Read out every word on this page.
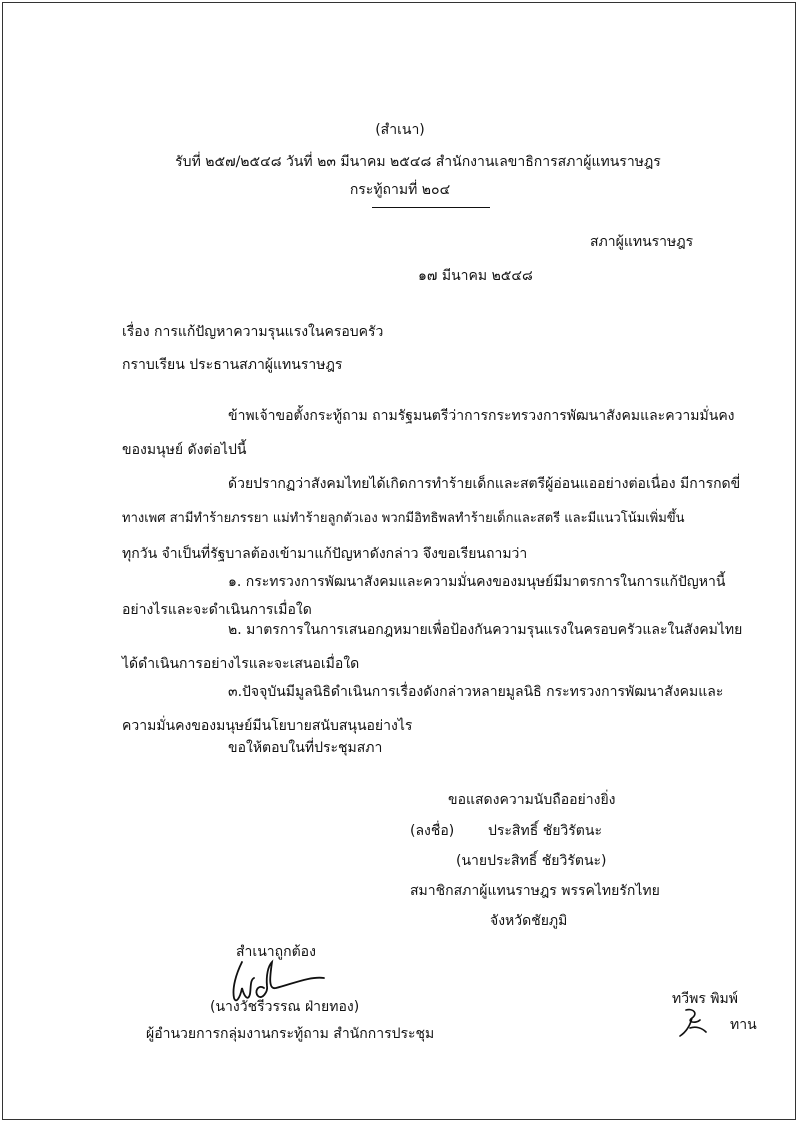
(สำเนา)
รับที่ ๒๕๗/๒๕๔๘ วันที่ ๒๓ มีนาคม ๒๕๔๘ สำนักงานเลขาธิการสภาผู้แทนราษฎร
กระทู้ถามที่ ๒๐๔
สภาผู้แทนราษฎร
๑๗ มีนาคม ๒๕๔๘
เรื่อง การแก้ปัญหาความรุนแรงในครอบครัว
กราบเรียน ประธานสภาผู้แทนราษฎร
ข้าพเจ้าขอตั้งกระทู้ถาม ถามรัฐมนตรีว่าการกระทรวงการพัฒนาสังคมและความมั่นคง
ของมนุษย์ ดังต่อไปนี้
ด้วยปรากฏว่าสังคมไทยได้เกิดการทำร้ายเด็กและสตรีผู้อ่อนแออย่างต่อเนื่อง มีการกดขี่
ทางเพศ สามีทำร้ายภรรยา แม่ทำร้ายลูกตัวเอง พวกมีอิทธิพลทำร้ายเด็กและสตรี และมีแนวโน้มเพิ่มขึ้น
ทุกวัน จำเป็นที่รัฐบาลต้องเข้ามาแก้ปัญหาดังกล่าว จึงขอเรียนถามว่า
๑. กระทรวงการพัฒนาสังคมและความมั่นคงของมนุษย์มีมาตรการในการแก้ปัญหานี้
อย่างไรและจะดำเนินการเมื่อใด
๒. มาตรการในการเสนอกฎหมายเพื่อป้องกันความรุนแรงในครอบครัวและในสังคมไทย
ได้ดำเนินการอย่างไรและจะเสนอเมื่อใด
๓.ปัจจุบันมีมูลนิธิดำเนินการเรื่องดังกล่าวหลายมูลนิธิ กระทรวงการพัฒนาสังคมและ
ความมั่นคงของมนุษย์มีนโยบายสนับสนุนอย่างไร
ขอให้ตอบในที่ประชุมสภา
ขอแสดงความนับถืออย่างยิ่ง
(ลงชื่อ) ประสิทธิ์ ชัยวิรัตนะ
(นายประสิทธิ์ ชัยวิรัตนะ)
สมาชิกสภาผู้แทนราษฎร พรรคไทยรักไทย
จังหวัดชัยภูมิ
สำเนาถูกต้อง
(นางวัชรีวรรณ ฝ่ายทอง)
ผู้อำนวยการกลุ่มงานกระทู้ถาม สำนักการประชุม
ทวีพร พิมพ์
ทาน
